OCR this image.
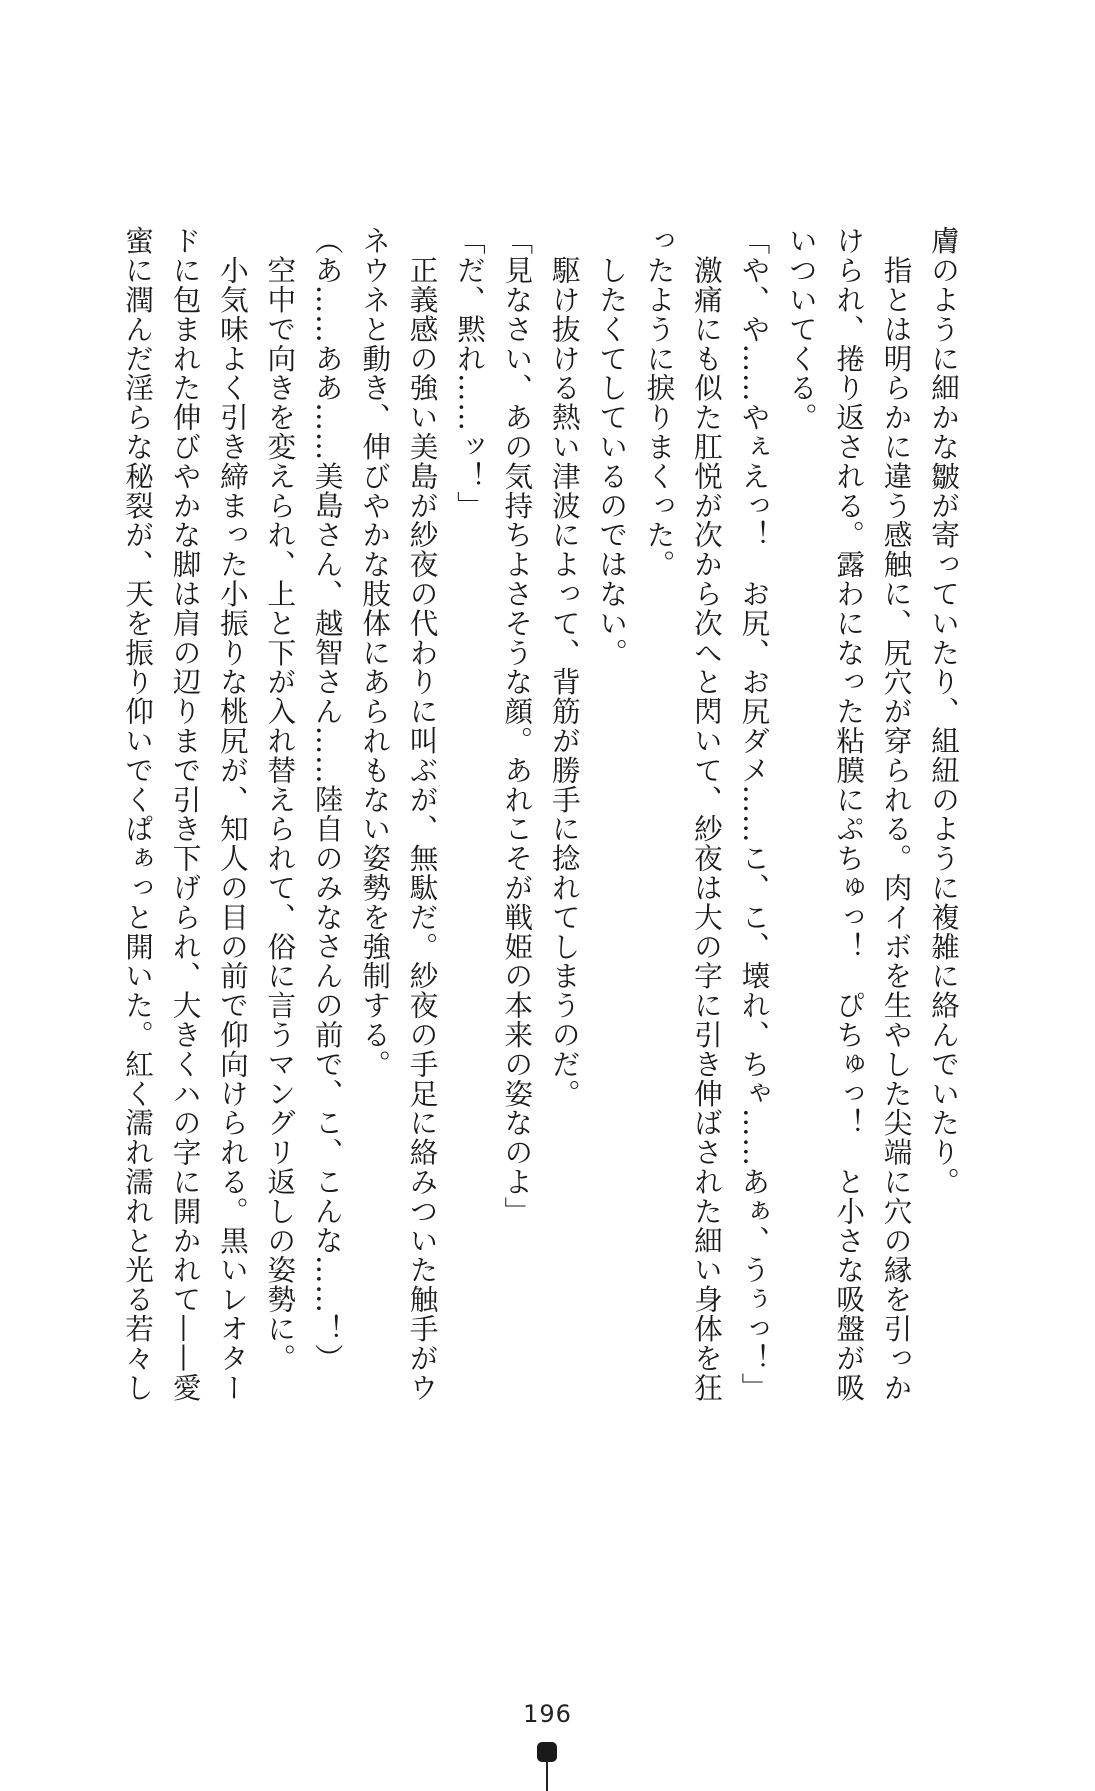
膚のように細かな皺が寄っていたり、組紐のように複雑に絡んでいたり。
　指とは明らかに違う感触に、尻穴が穿られる。肉イボを生やした尖端に穴の縁を引っか
けられ、捲り返される。露わになった粘膜にぷちゅっ！　ぴちゅっ！　と小さな吸盤が吸
いついてくる。
「や、や……やぇえっ！　お尻、お尻ダメ……こ、こ、壊れ、ちゃ……あぁ、うぅっ！」
　激痛にも似た肛悦が次から次へと閃いて、紗夜は大の字に引き伸ばされた細い身体を狂
ったように捩りまくった。
　したくてしているのではない。
　駆け抜ける熱い津波によって、背筋が勝手に捻れてしまうのだ。
「見なさい、あの気持ちよさそうな顔。あれこそが戦姫の本来の姿なのよ」
「だ、黙れ……ッ！」
　正義感の強い美島が紗夜の代わりに叫ぶが、無駄だ。紗夜の手足に絡みついた触手がウ
ネウネと動き、伸びやかな肢体にあられもない姿勢を強制する。
（あ……ああ……美島さん、越智さん……陸自のみなさんの前で、こ、こんな……！）
　空中で向きを変えられ、上と下が入れ替えられて、俗に言うマングリ返しの姿勢に。
　小気味よく引き締まった小振りな桃尻が、知人の目の前で仰向けられる。黒いレオター
ドに包まれた伸びやかな脚は肩の辺りまで引き下げられ、大きくハの字に開かれて——愛
蜜に潤んだ淫らな秘裂が、天を振り仰いでくぱぁっと開いた。紅く濡れ濡れと光る若々し
196
